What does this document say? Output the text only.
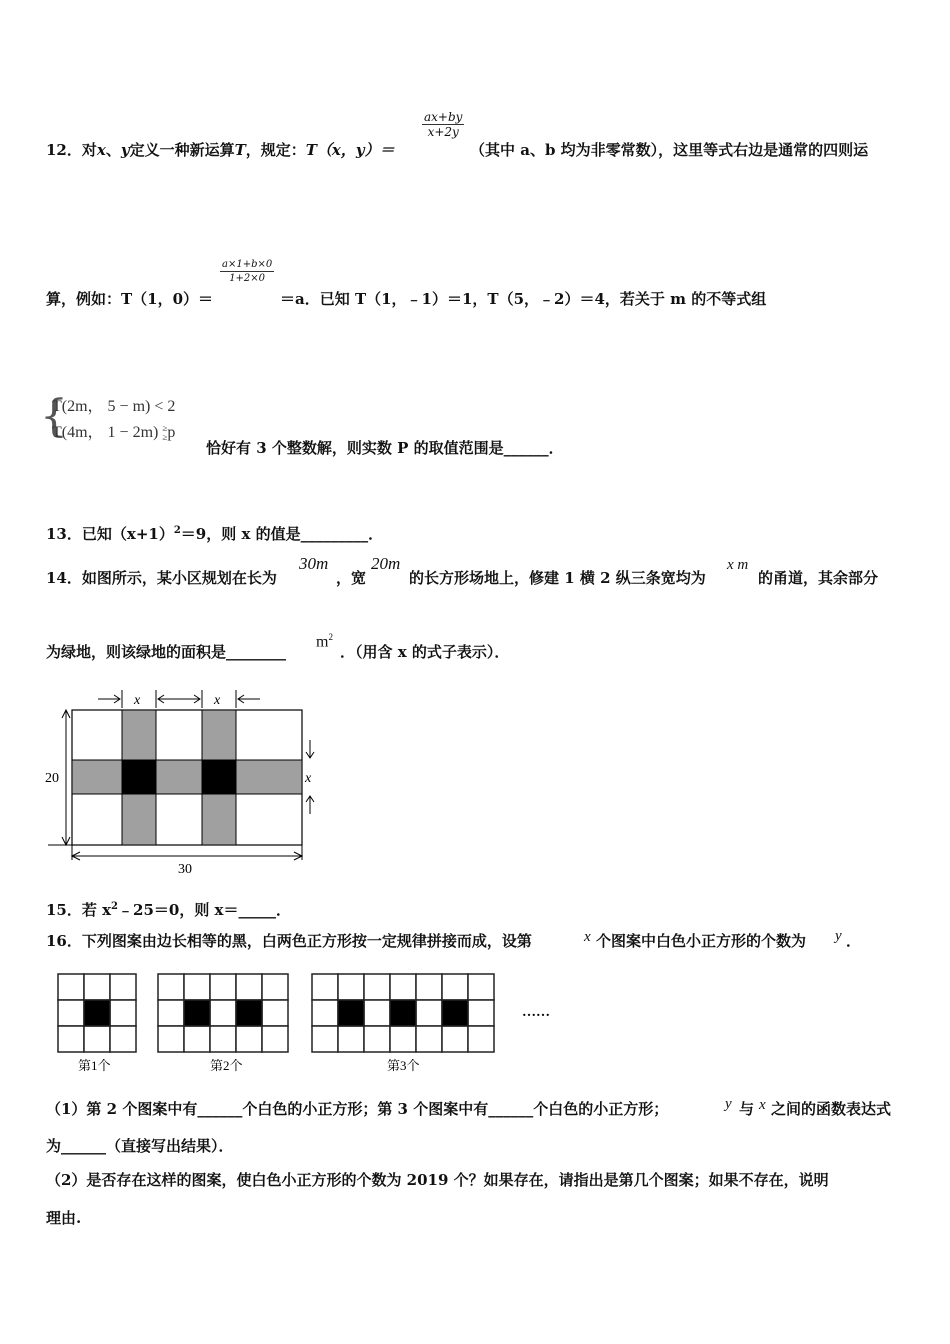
12．对x、y定义一种新运算T，规定：T（x，y）＝
$\frac{ax+by}{x+2y}$
（其中 a、b 均为非零常数），这里等式右边是通常的四则运
算，例如：T（1，0）＝
$\frac{a\times 1+b\times 0}{1+2\times 0}$
＝a．已知 T（1，﹣1）＝1，T（5，﹣2）＝4，若关于 m 的不等式组
{
T(2m， 5 − m) < 2
T(4m， 1 − 2m) ≥
≥ p
恰好有 3 个整数解，则实数 P 的取值范围是______．
13．已知$(x+1)^2=9$，则 x 的值是_________．
14．如图所示，某小区规划在长为
30m
，宽
20m
的长方形场地上，修建 1 横 2 纵三条宽均为
x m
的甬道，其余部分
为绿地，则该绿地的面积是________
$m^2$
．（用含 x 的式子表示）．
x	x
x
20
30
15．若 $x^2﹣25=0$，则 x＝_____．
16．下列图案由边长相等的黑，白两色正方形按一定规律拼接而成，设第	x 个图案中白色小正方形的个数为 y ．
……
第1个	第2个	第3个
（1）第 2 个图案中有______个白色的小正方形；第 3 个图案中有______个白色的小正方形；	y 与 x 之间的函数表达式
为______（直接写出结果）．
（2）是否存在这样的图案，使白色小正方形的个数为 2019 个？如果存在，请指出是第几个图案；如果不存在，说明
理由.
